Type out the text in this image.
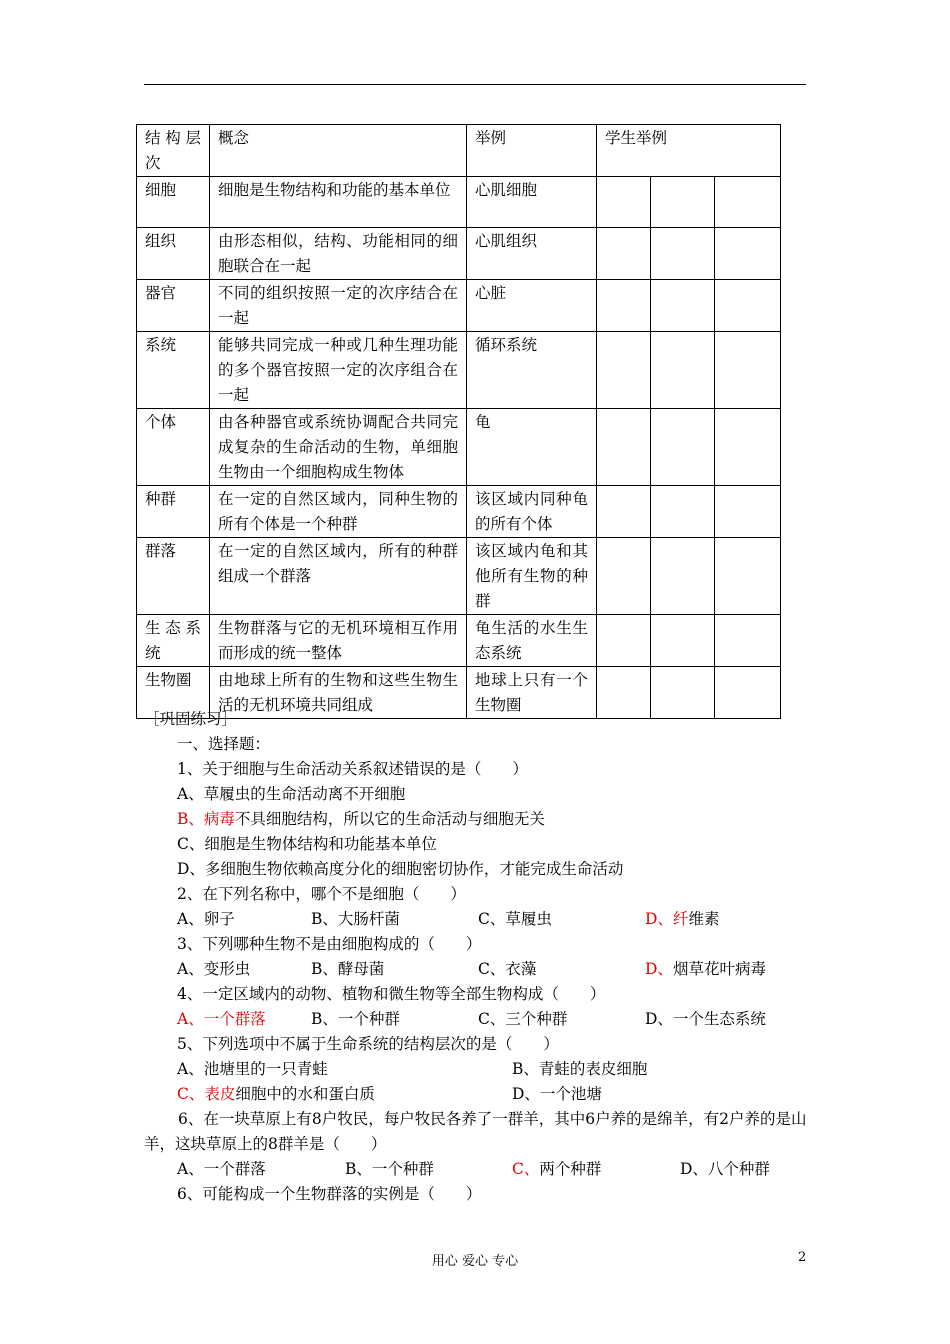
结构层次	概念	举例	学生举例		
细胞	细胞是生物结构和功能的基本单位	心肌细胞			
组织	由形态相似，结构、功能相同的细胞联合在一起	心肌组织			
器官	不同的组织按照一定的次序结合在一起	心脏			
系统	能够共同完成一种或几种生理功能的多个器官按照一定的次序组合在一起	循环系统			
个体	由各种器官或系统协调配合共同完成复杂的生命活动的生物，单细胞生物由一个细胞构成生物体	龟			
种群	在一定的自然区域内，同种生物的所有个体是一个种群	该区域内同种龟的所有个体			
群落	在一定的自然区域内，所有的种群组成一个群落	该区域内龟和其他所有生物的种群			
生态系统	生物群落与它的无机环境相互作用而形成的统一整体	龟生活的水生生态系统			
生物圈	由地球上所有的生物和这些生物生活的无机环境共同组成	地球上只有一个生物圈			
［巩固练习］
一、选择题：
1、关于细胞与生命活动关系叙述错误的是（　　）
A、草履虫的生命活动离不开细胞
B、病毒不具细胞结构，所以它的生命活动与细胞无关
C、细胞是生物体结构和功能基本单位
D、多细胞生物依赖高度分化的细胞密切协作，才能完成生命活动
2、在下列名称中，哪个不是细胞（　　）
A、卵子	B、大肠杆菌	C、草履虫	D、纤维素
3、下列哪种生物不是由细胞构成的（　　）
A、变形虫	B、酵母菌	C、衣藻	D、烟草花叶病毒
4、一定区域内的动物、植物和微生物等全部生物构成（　　）
A、一个群落	B、一个种群	C、三个种群	D、一个生态系统
5、下列选项中不属于生命系统的结构层次的是（　　）
A、池塘里的一只青蛙	B、青蛙的表皮细胞
C、表皮细胞中的水和蛋白质	D、一个池塘
6、在一块草原上有8户牧民，每户牧民各养了一群羊，其中6户养的是绵羊，有2户养的是山羊，这块草原上的8群羊是（　　）
A、一个群落	B、一个种群	C、两个种群	D、八个种群
6、可能构成一个生物群落的实例是（　　）
用心 爱心 专心	2
